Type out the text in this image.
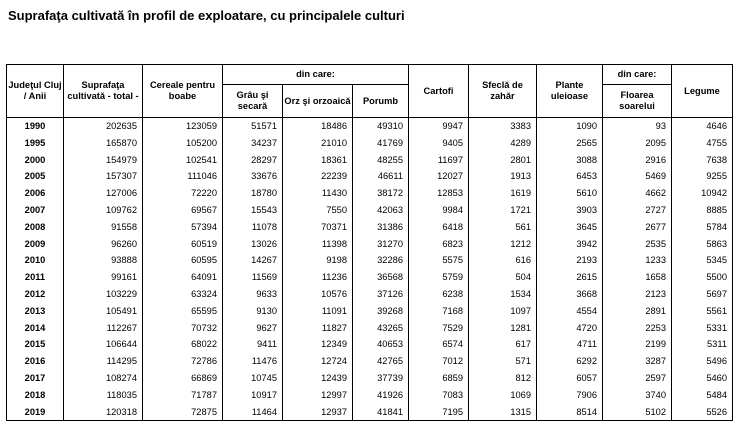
Suprafaţa cultivată în profil de exploatare, cu principalele culturi
Judeţul Cluj / Anii	Suprafaţa cultivată - total -	Cereale pentru boabe	din care:			Cartofi	Sfeclă de zahăr	Plante uleioase	din care:	Legume
			Grâu şi secară	Orz şi orzoaică	Porumb				Floarea soarelui	
1990	202635	123059	51571	18486	49310	9947	3383	1090	93	4646
1995	165870	105200	34237	21010	41769	9405	4289	2565	2095	4755
2000	154979	102541	28297	18361	48255	11697	2801	3088	2916	7638
2005	157307	111046	33676	22239	46611	12027	1913	6453	5469	9255
2006	127006	72220	18780	11430	38172	12853	1619	5610	4662	10942
2007	109762	69567	15543	7550	42063	9984	1721	3903	2727	8885
2008	91558	57394	11078	70371	31386	6418	561	3645	2677	5784
2009	96260	60519	13026	11398	31270	6823	1212	3942	2535	5863
2010	93888	60595	14267	9198	32286	5575	616	2193	1233	5345
2011	99161	64091	11569	11236	36568	5759	504	2615	1658	5500
2012	103229	63324	9633	10576	37126	6238	1534	3668	2123	5697
2013	105491	65595	9130	11091	39268	7168	1097	4554	2891	5561
2014	112267	70732	9627	11827	43265	7529	1281	4720	2253	5331
2015	106644	68022	9411	12349	40653	6574	617	4711	2199	5311
2016	114295	72786	11476	12724	42765	7012	571	6292	3287	5496
2017	108274	66869	10745	12439	37739	6859	812	6057	2597	5460
2018	118035	71787	10917	12997	41926	7083	1069	7906	3740	5484
2019	120318	72875	11464	12937	41841	7195	1315	8514	5102	5526
